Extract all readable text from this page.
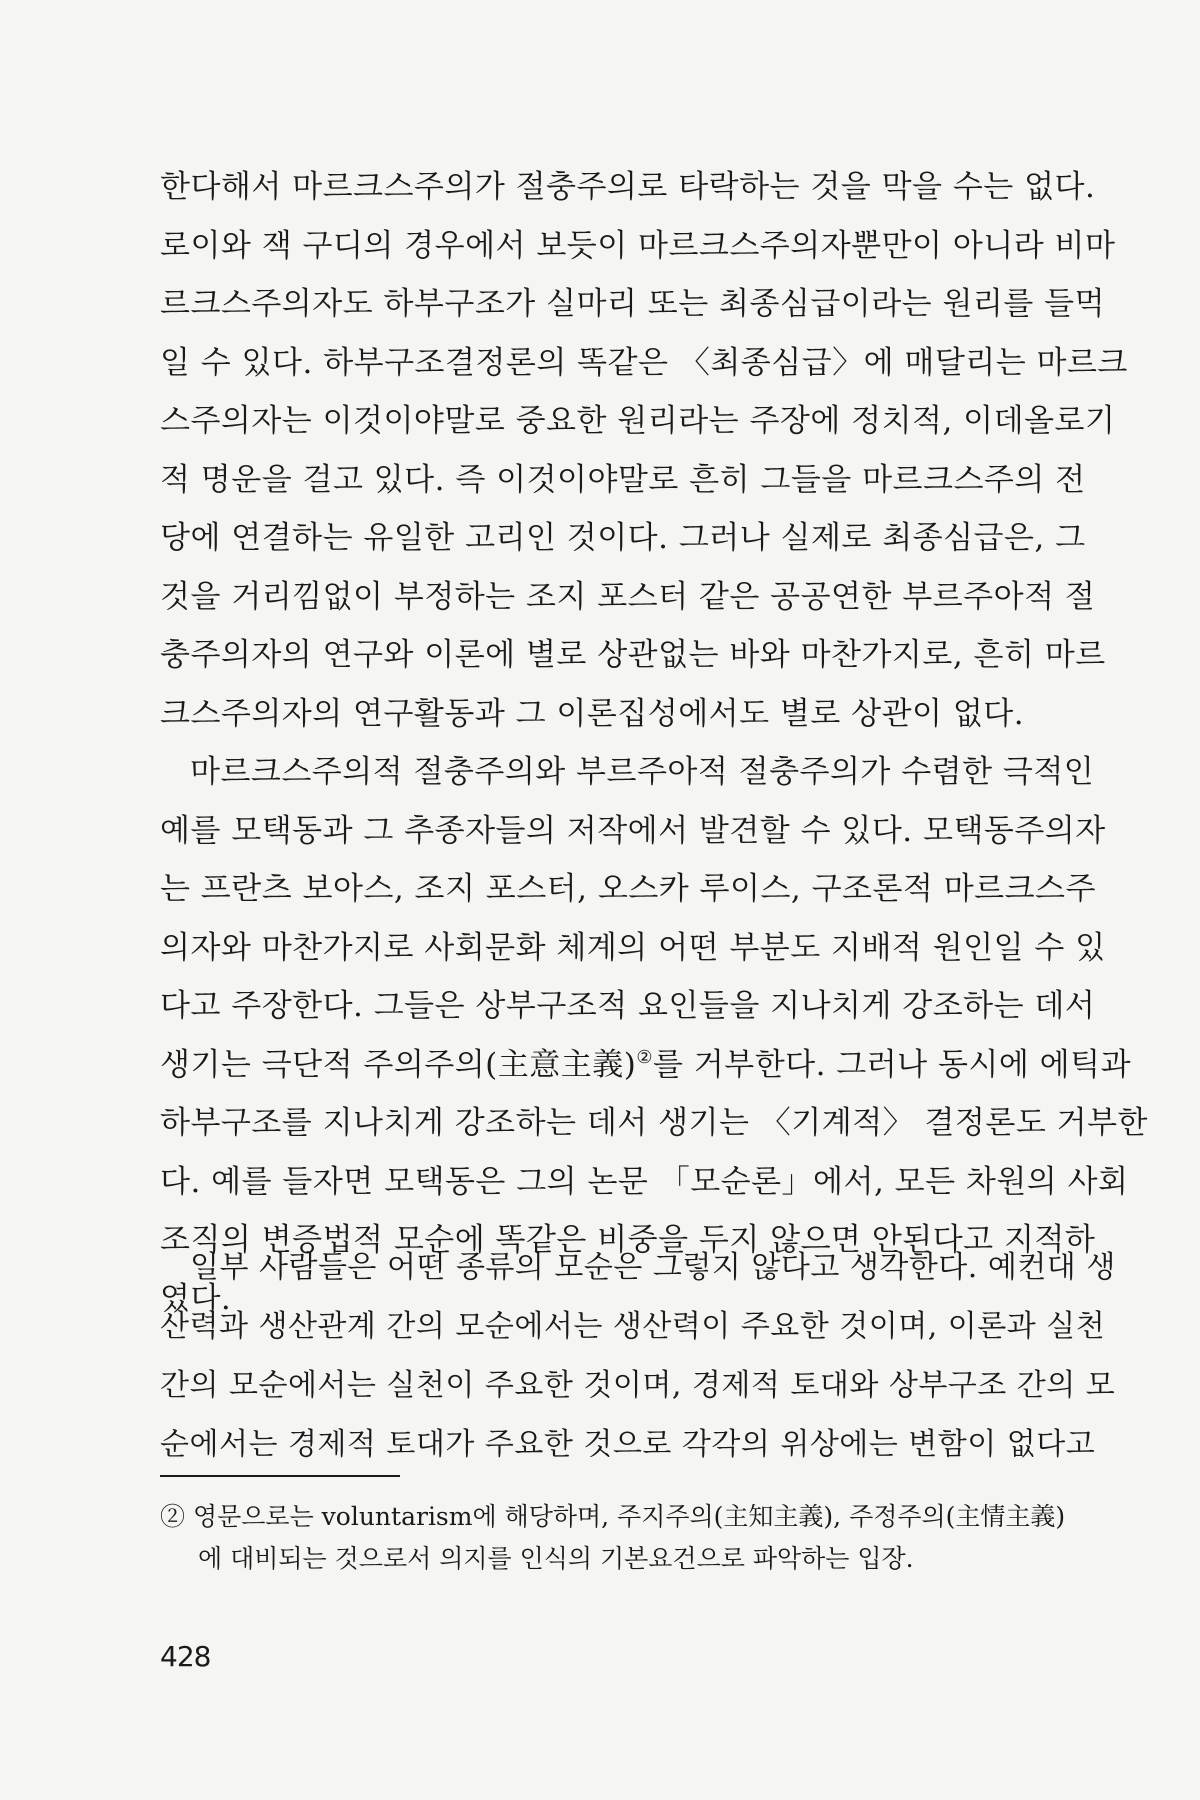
한다해서 마르크스주의가 절충주의로 타락하는 것을 막을 수는 없다.
로이와 잭 구디의 경우에서 보듯이 마르크스주의자뿐만이 아니라 비마
르크스주의자도 하부구조가 실마리 또는 최종심급이라는 원리를 들먹
일 수 있다. 하부구조결정론의 똑같은 〈최종심급〉에 매달리는 마르크
스주의자는 이것이야말로 중요한 원리라는 주장에 정치적, 이데올로기
적 명운을 걸고 있다. 즉 이것이야말로 흔히 그들을 마르크스주의 전
당에 연결하는 유일한 고리인 것이다. 그러나 실제로 최종심급은, 그
것을 거리낌없이 부정하는 조지 포스터 같은 공공연한 부르주아적 절
충주의자의 연구와 이론에 별로 상관없는 바와 마찬가지로, 흔히 마르
크스주의자의 연구활동과 그 이론집성에서도 별로 상관이 없다.
마르크스주의적 절충주의와 부르주아적 절충주의가 수렴한 극적인
예를 모택동과 그 추종자들의 저작에서 발견할 수 있다. 모택동주의자
는 프란츠 보아스, 조지 포스터, 오스카 루이스, 구조론적 마르크스주
의자와 마찬가지로 사회문화 체계의 어떤 부분도 지배적 원인일 수 있
다고 주장한다. 그들은 상부구조적 요인들을 지나치게 강조하는 데서
생기는 극단적 주의주의(主意主義)②를 거부한다. 그러나 동시에 에틱과
하부구조를 지나치게 강조하는 데서 생기는 〈기계적〉 결정론도 거부한
다. 예를 들자면 모택동은 그의 논문 「모순론」에서, 모든 차원의 사회
조직의 변증법적 모순에 똑같은 비중을 두지 않으면 안된다고 지적하
였다.
일부 사람들은 어떤 종류의 모순은 그렇지 않다고 생각한다. 예컨대 생
산력과 생산관계 간의 모순에서는 생산력이 주요한 것이며, 이론과 실천
간의 모순에서는 실천이 주요한 것이며, 경제적 토대와 상부구조 간의 모
순에서는 경제적 토대가 주요한 것으로 각각의 위상에는 변함이 없다고
② 영문으로는 voluntarism에 해당하며, 주지주의(主知主義), 주정주의(主情主義)
에 대비되는 것으로서 의지를 인식의 기본요건으로 파악하는 입장.
428
